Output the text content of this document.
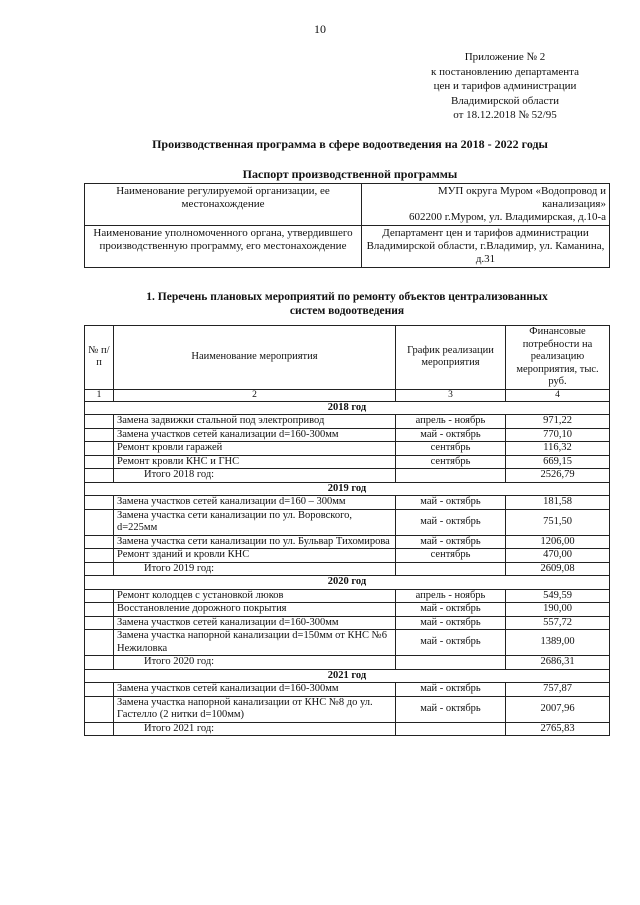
10
Приложение № 2
к постановлению департамента
цен и тарифов администрации
Владимирской области
от 18.12.2018 № 52/95
Производственная программа в сфере водоотведения на 2018 - 2022 годы
Паспорт производственной программы
Наименование регулируемой организации, ее местонахождение	МУП округа Муром «Водопровод и
канализация»
602200 г.Муром, ул. Владимирская, д.10-а

Наименование уполномоченного органа, утвердившего производственную программу, его местонахождение	Департамент цен и тарифов администрации Владимирской области, г.Владимир, ул. Каманина, д.31
1. Перечень плановых мероприятий по ремонту объектов централизованных
систем водоотведения
№ п/п	Наименование мероприятия	График реализации мероприятия	Финансовые потребности на реализацию мероприятия, тыс. руб.
1	2	3	4
2018 год			
	Замена задвижки стальной под электропривод	апрель - ноябрь	971,22
	Замена участков сетей канализации d=160-300мм	май - октябрь	770,10
	Ремонт кровли гаражей	сентябрь	116,32
	Ремонт кровли КНС и ГНС	сентябрь	669,15
	Итого 2018 год:		2526,79
2019 год			
	Замена участков сетей канализации d=160 – 300мм	май - октябрь	181,58
	Замена участка сети канализации по ул. Воровского, d=225мм	май - октябрь	751,50
	Замена участка сети канализации по ул. Бульвар Тихомирова	май - октябрь	1206,00
	Ремонт зданий и кровли КНС	сентябрь	470,00
	Итого 2019 год:		2609,08
2020 год			
	Ремонт колодцев с установкой люков	апрель - ноябрь	549,59
	Восстановление дорожного покрытия	май - октябрь	190,00
	Замена участков сетей канализации d=160-300мм	май - октябрь	557,72
	Замена участка напорной канализации d=150мм от КНС №6 Нежиловка	май - октябрь	1389,00
	Итого 2020 год:		2686,31
2021 год			
	Замена участков сетей канализации d=160-300мм	май - октябрь	757,87
	Замена участка напорной канализации от КНС №8 до ул. Гастелло (2 нитки d=100мм)	май - октябрь	2007,96
	Итого 2021 год:		2765,83
